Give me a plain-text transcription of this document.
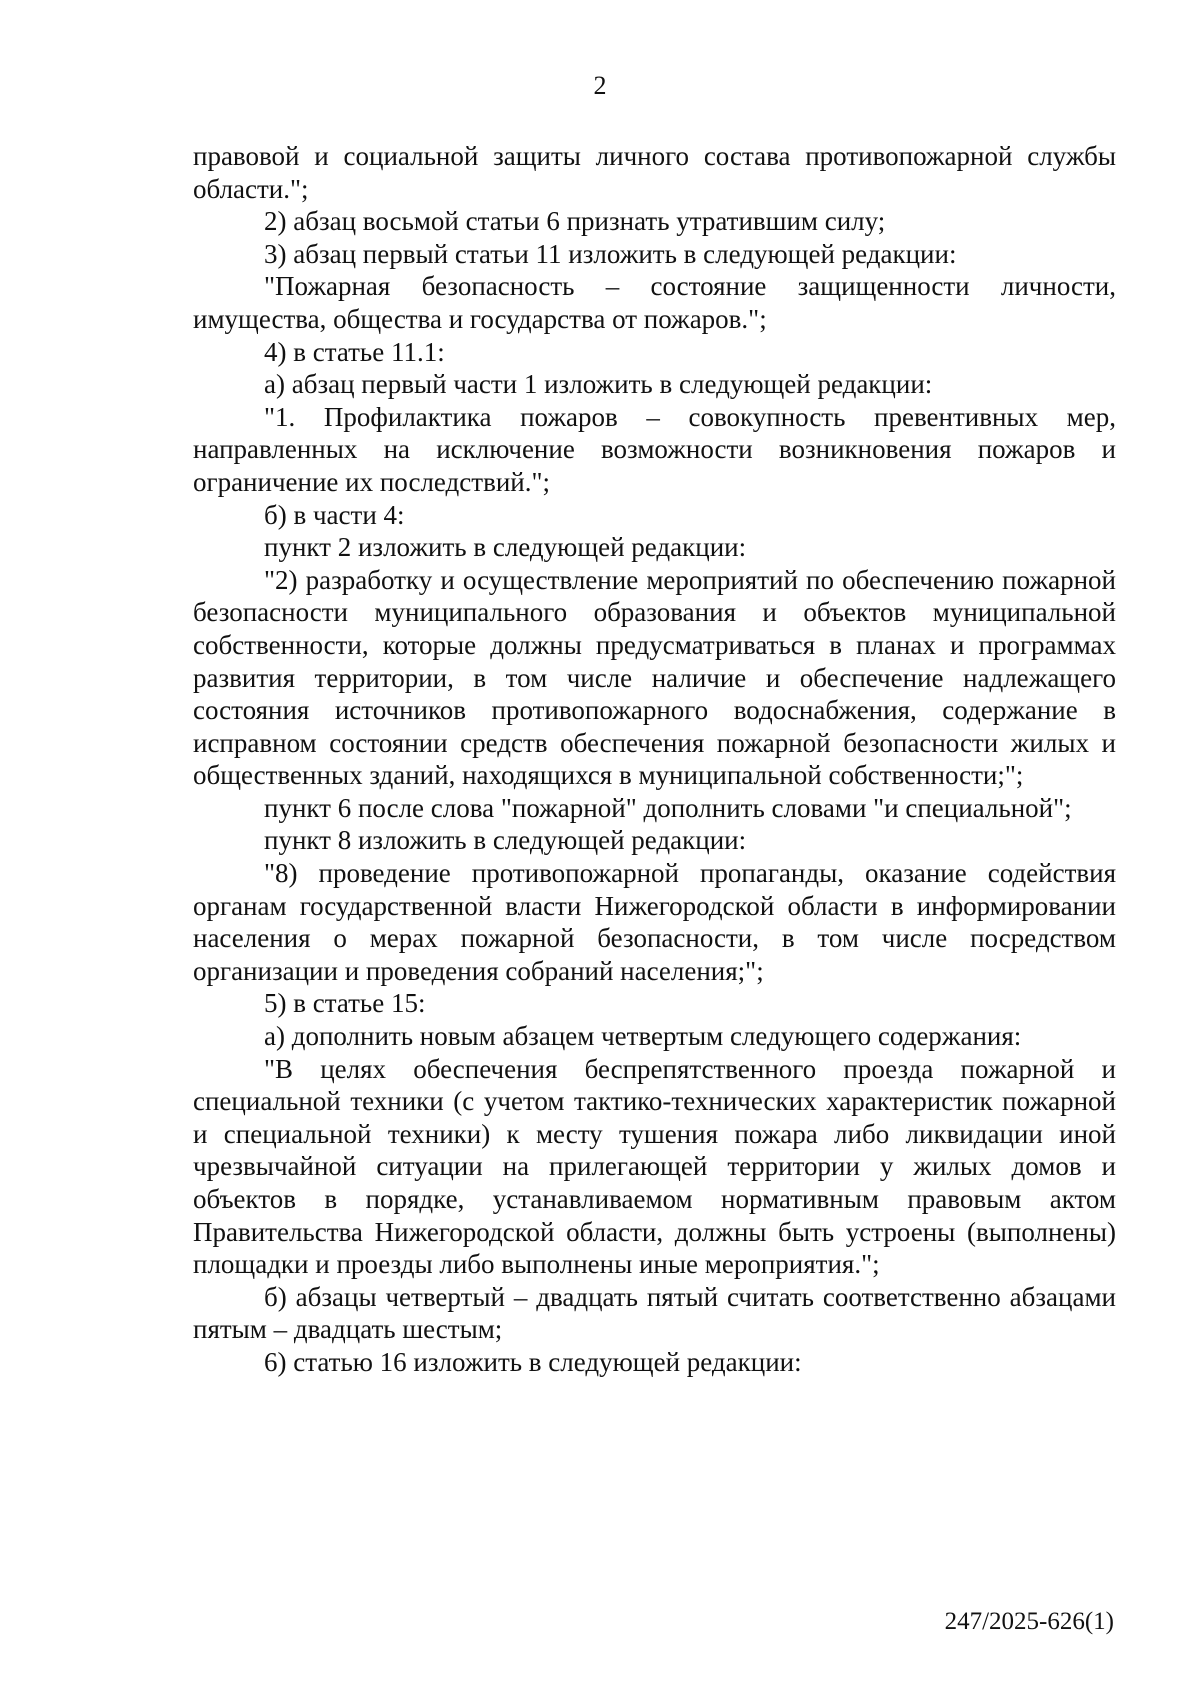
2

правовой и социальной защиты личного состава противопожарной службы области.";

2) абзац восьмой статьи 6 признать утратившим силу;

3) абзац первый статьи 11 изложить в следующей редакции:

"Пожарная безопасность – состояние защищенности личности, имущества, общества и государства от пожаров.";

4) в статье 11.1:

а) абзац первый части 1 изложить в следующей редакции:

"1. Профилактика пожаров – совокупность превентивных мер, направленных на исключение возможности возникновения пожаров и ограничение их последствий.";

б) в части 4:

пункт 2 изложить в следующей редакции:

"2) разработку и осуществление мероприятий по обеспечению пожарной безопасности муниципального образования и объектов муниципальной собственности, которые должны предусматриваться в планах и программах развития территории, в том числе наличие и обеспечение надлежащего состояния источников противопожарного водоснабжения, содержание в исправном состоянии средств обеспечения пожарной безопасности жилых и общественных зданий, находящихся в муниципальной собственности;";

пункт 6 после слова "пожарной" дополнить словами "и специальной";

пункт 8 изложить в следующей редакции:

"8) проведение противопожарной пропаганды, оказание содействия органам государственной власти Нижегородской области в информировании населения о мерах пожарной безопасности, в том числе посредством организации и проведения собраний населения;";

5) в статье 15:

а) дополнить новым абзацем четвертым следующего содержания:

"В целях обеспечения беспрепятственного проезда пожарной и специальной техники (с учетом тактико-технических характеристик пожарной и специальной техники) к месту тушения пожара либо ликвидации иной чрезвычайной ситуации на прилегающей территории у жилых домов и объектов в порядке, устанавливаемом нормативным правовым актом Правительства Нижегородской области, должны быть устроены (выполнены) площадки и проезды либо выполнены иные мероприятия.";

б) абзацы четвертый – двадцать пятый считать соответственно абзацами пятым – двадцать шестым;

6) статью 16 изложить в следующей редакции:

247/2025-626(1)
